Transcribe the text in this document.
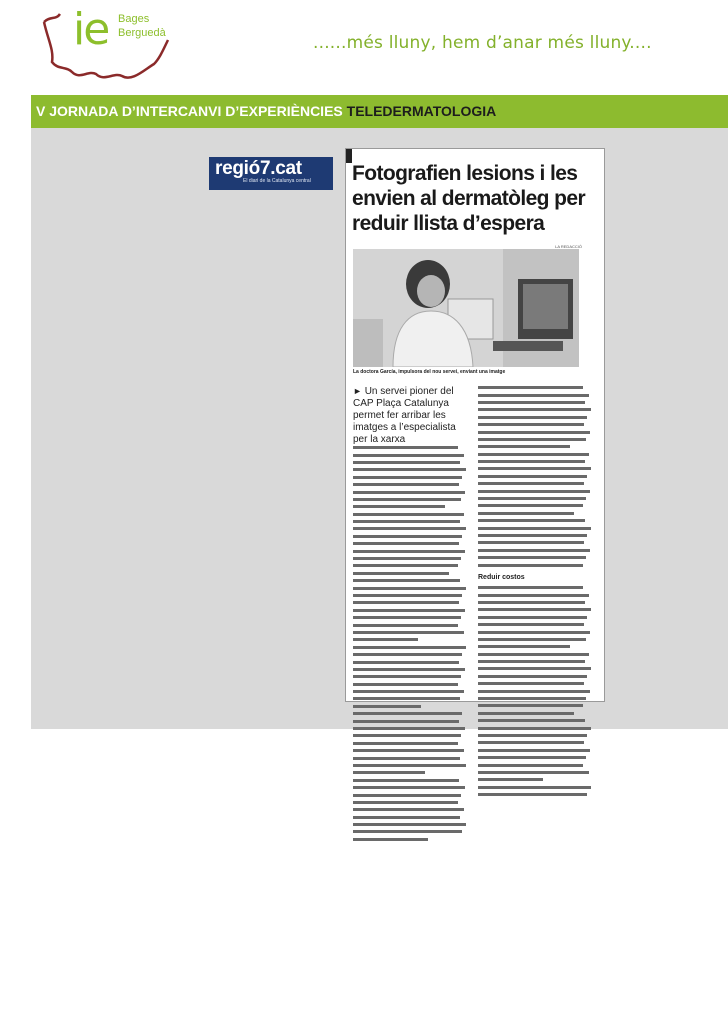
ie Bages
Berguedà	......més lluny, hem d’anar més lluny....
V JORNADA D’INTERCANVI D’EXPERIÈNCIES TELEDERMATOLOGIA
regió7.cat
El diari de la Catalunya central Fotografien lesions i les envien al dermatòleg per reduir llista d’espera
LA REDACCIÓ
La doctora García, impulsora del nou servei, enviant una imatge
► Un servei pioner del CAP Plaça Catalunya permet fer arribar les imatges a l’especialista per la xarxa
Reduir costos
